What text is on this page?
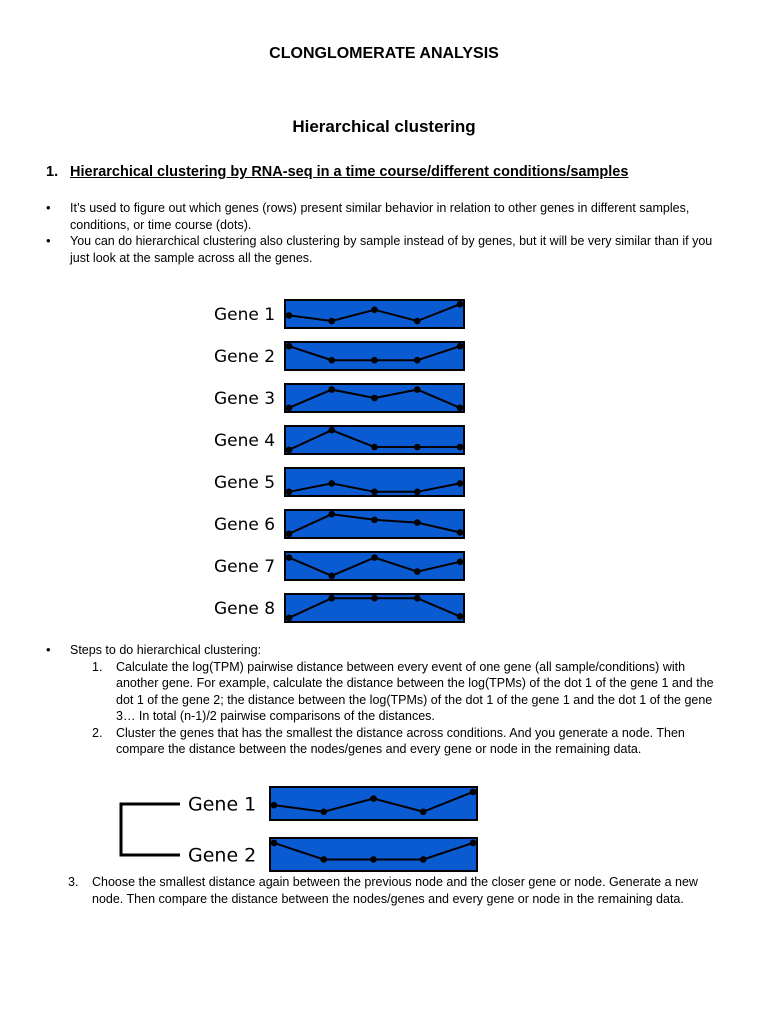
CLONGLOMERATE ANALYSIS
Hierarchical clustering
1. Hierarchical clustering by RNA-seq in a time course/different conditions/samples
• It’s used to figure out which genes (rows) present similar behavior in relation to other genes in different samples, conditions, or time course (dots).
• You can do hierarchical clustering also clustering by sample instead of by genes, but it will be very similar than if you just look at the sample across all the genes.
Gene 1
Gene 2
Gene 3
Gene 4
Gene 5
Gene 6
Gene 7
Gene 8
• Steps to do hierarchical clustering:
1. Calculate the log(TPM) pairwise distance between every event of one gene (all sample/conditions) with another gene. For example, calculate the distance between the log(TPMs) of the dot 1 of the gene 1 and the dot 1 of the gene 2; the distance between the log(TPMs) of the dot 1 of the gene 1 and the dot 1 of the gene 3… In total (n-1)/2 pairwise comparisons of the distances.
2. Cluster the genes that has the smallest the distance across conditions. And you generate a node. Then compare the distance between the nodes/genes and every gene or node in the remaining data.
Gene 1
Gene 2
3. Choose the smallest distance again between the previous node and the closer gene or node. Generate a new node. Then compare the distance between the nodes/genes and every gene or node in the remaining data.
